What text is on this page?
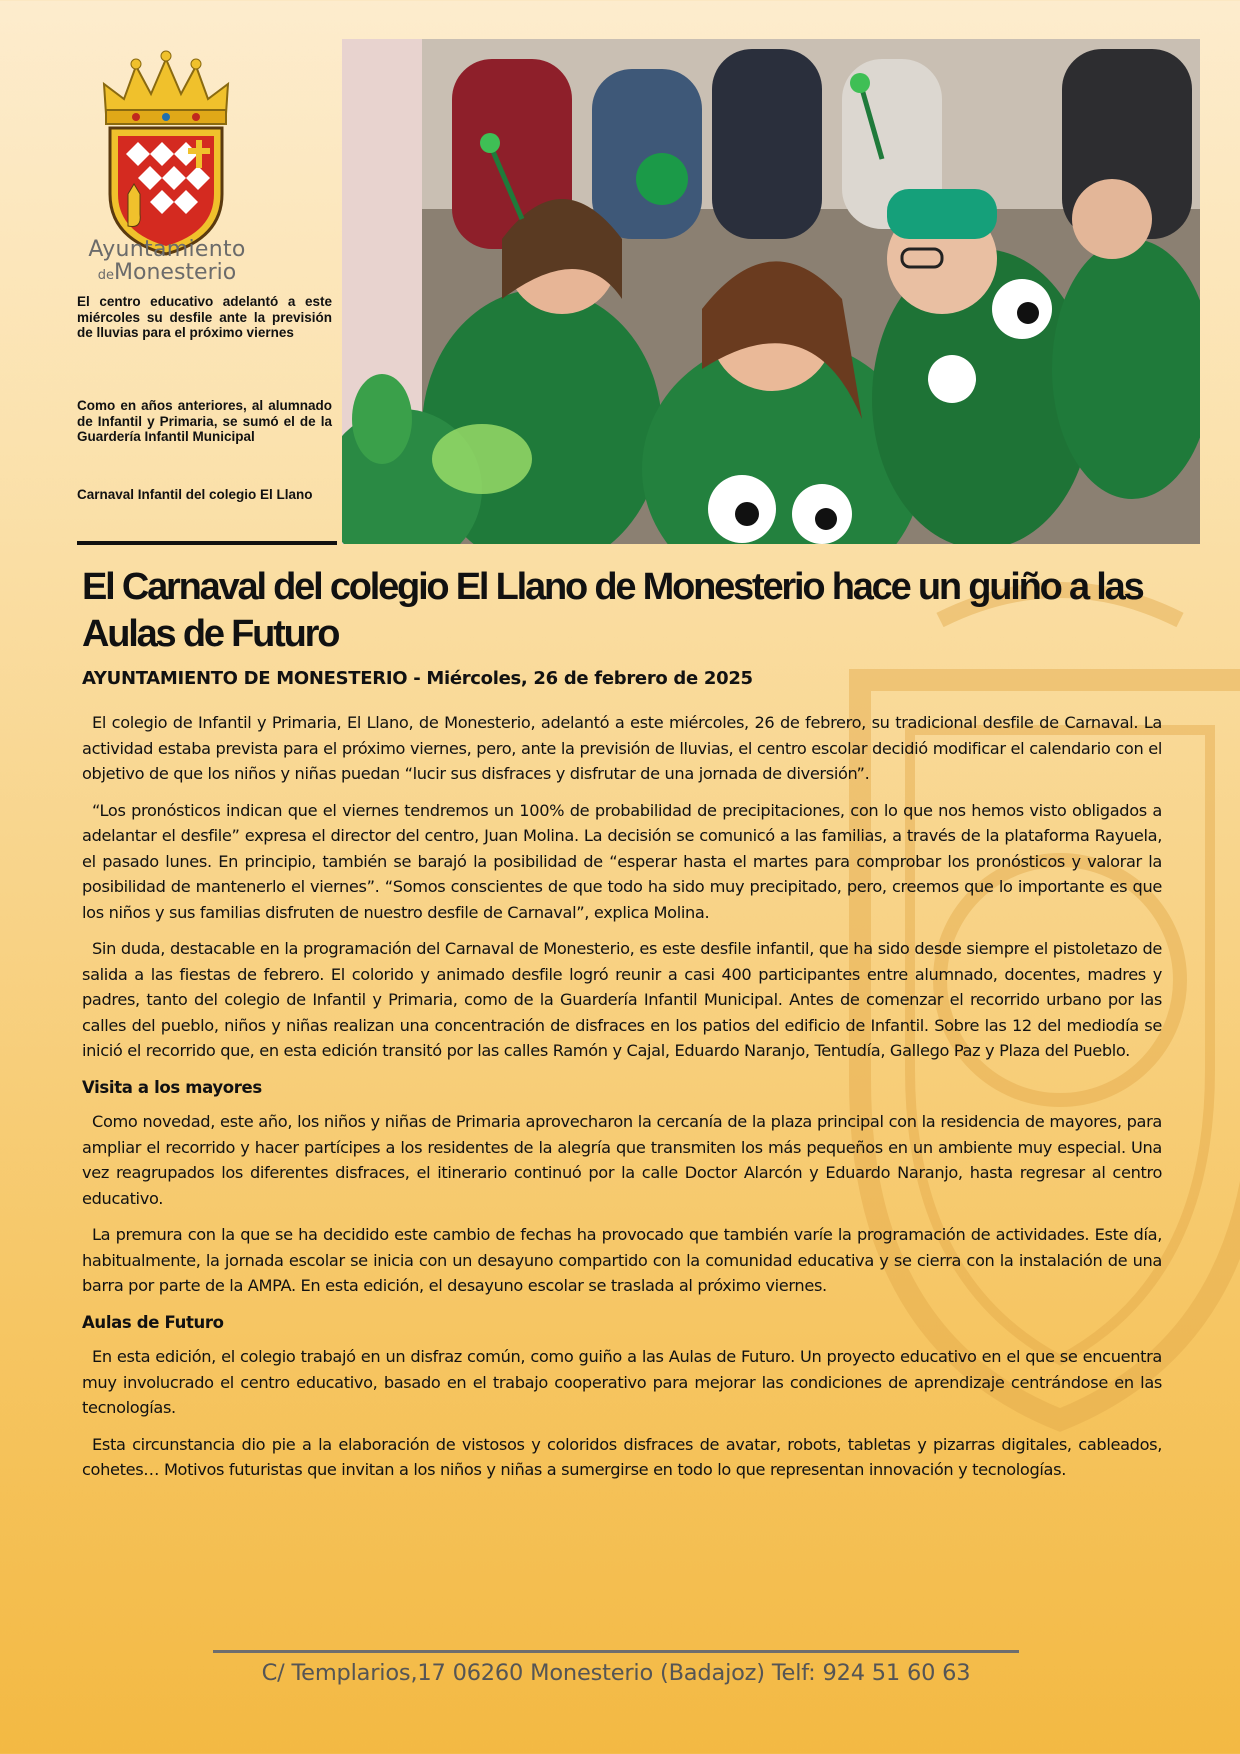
Ayuntamiento
deMonesterio
El centro educativo adelantó a este miércoles su desfile ante la previsión de lluvias para el próximo viernes
Como en años anteriores, al alumnado de Infantil y Primaria, se sumó el de la Guardería Infantil Municipal
Carnaval Infantil del colegio El Llano
El Carnaval del colegio El Llano de Monesterio hace un guiño a las Aulas de Futuro
AYUNTAMIENTO DE MONESTERIO - Miércoles, 26 de febrero de 2025

El colegio de Infantil y Primaria, El Llano, de Monesterio, adelantó a este miércoles, 26 de febrero, su tradicional desfile de Carnaval. La actividad estaba prevista para el próximo viernes, pero, ante la previsión de lluvias, el centro escolar decidió modificar el calendario con el objetivo de que los niños y niñas puedan “lucir sus disfraces y disfrutar de una jornada de diversión”.

“Los pronósticos indican que el viernes tendremos un 100% de probabilidad de precipitaciones, con lo que nos hemos visto obligados a adelantar el desfile” expresa el director del centro, Juan Molina. La decisión se comunicó a las familias, a través de la plataforma Rayuela, el pasado lunes. En principio, también se barajó la posibilidad de “esperar hasta el martes para comprobar los pronósticos y valorar la posibilidad de mantenerlo el viernes”. “Somos conscientes de que todo ha sido muy precipitado, pero, creemos que lo importante es que los niños y sus familias disfruten de nuestro desfile de Carnaval”, explica Molina.

Sin duda, destacable en la programación del Carnaval de Monesterio, es este desfile infantil, que ha sido desde siempre el pistoletazo de salida a las fiestas de febrero. El colorido y animado desfile logró reunir a casi 400 participantes entre alumnado, docentes, madres y padres, tanto del colegio de Infantil y Primaria, como de la Guardería Infantil Municipal. Antes de comenzar el recorrido urbano por las calles del pueblo, niños y niñas realizan una concentración de disfraces en los patios del edificio de Infantil. Sobre las 12 del mediodía se inició el recorrido que, en esta edición transitó por las calles Ramón y Cajal, Eduardo Naranjo, Tentudía, Gallego Paz y Plaza del Pueblo.

Visita a los mayores

Como novedad, este año, los niños y niñas de Primaria aprovecharon la cercanía de la plaza principal con la residencia de mayores, para ampliar el recorrido y hacer partícipes a los residentes de la alegría que transmiten los más pequeños en un ambiente muy especial. Una vez reagrupados los diferentes disfraces, el itinerario continuó por la calle Doctor Alarcón y Eduardo Naranjo, hasta regresar al centro educativo.

La premura con la que se ha decidido este cambio de fechas ha provocado que también varíe la programación de actividades. Este día, habitualmente, la jornada escolar se inicia con un desayuno compartido con la comunidad educativa y se cierra con la instalación de una barra por parte de la AMPA. En esta edición, el desayuno escolar se traslada al próximo viernes.

Aulas de Futuro

En esta edición, el colegio trabajó en un disfraz común, como guiño a las Aulas de Futuro. Un proyecto educativo en el que se encuentra muy involucrado el centro educativo, basado en el trabajo cooperativo para mejorar las condiciones de aprendizaje centrándose en las tecnologías.

Esta circunstancia dio pie a la elaboración de vistosos y coloridos disfraces de avatar, robots, tabletas y pizarras digitales, cableados, cohetes… Motivos futuristas que invitan a los niños y niñas a sumergirse en todo lo que representan innovación y tecnologías.

C/ Templarios,17 06260 Monesterio (Badajoz) Telf: 924 51 60 63
